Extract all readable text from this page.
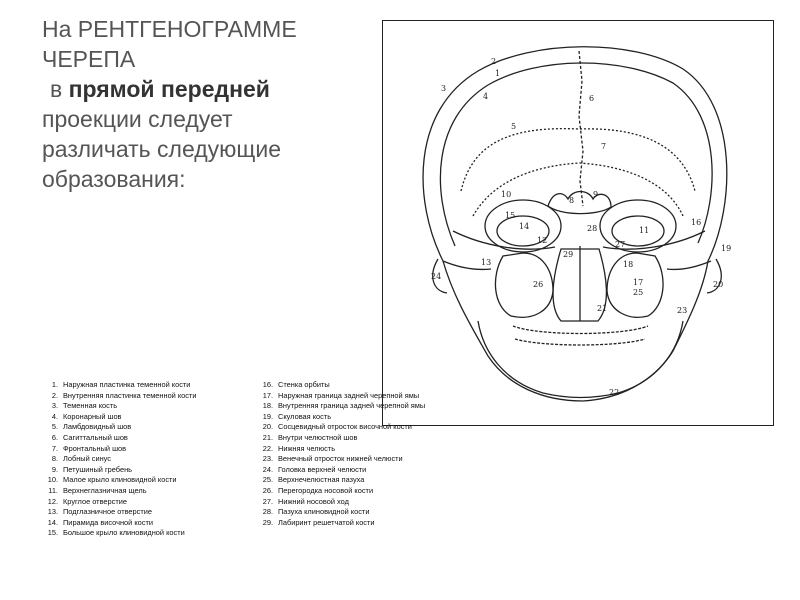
На РЕНТГЕНОГРАММЕ
ЧЕРЕПА
в прямой передней
проекции следует
различать следующие
образования:
1
2
3
4
5
6
7
8
9
10
11
12
13
14
15
16
17
18
19
20
21
22
23
24
25
26
27
28
29
1. Наружная пластинка теменной кости
2. Внутренняя пластинка теменной кости
3. Теменная кость
4. Коронарный шов
5. Ламбдовидный шов
6. Сагиттальный шов
7. Фронтальный шов
8. Лобный синус
9. Петушиный гребень
10. Малое крыло клиновидной кости
11. Верхнеглазничная щель
12. Круглое отверстие
13. Подглазничное отверстие
14. Пирамида височной кости
15. Большое крыло клиновидной кости
16. Стенка орбиты
17. Наружная граница задней черепной ямы
18. Внутренняя граница задней черепной ямы
19. Скуловая кость
20. Сосцевидный отросток височной кости
21. Внутри челюстной шов
22. Нижняя челюсть
23. Венечный отросток нижней челюсти
24. Головка верхней челюсти
25. Верхнечелюстная пазуха
26. Перегородка носовой кости
27. Нижний носовой ход
28. Пазуха клиновидной кости
29. Лабиринт решетчатой кости
